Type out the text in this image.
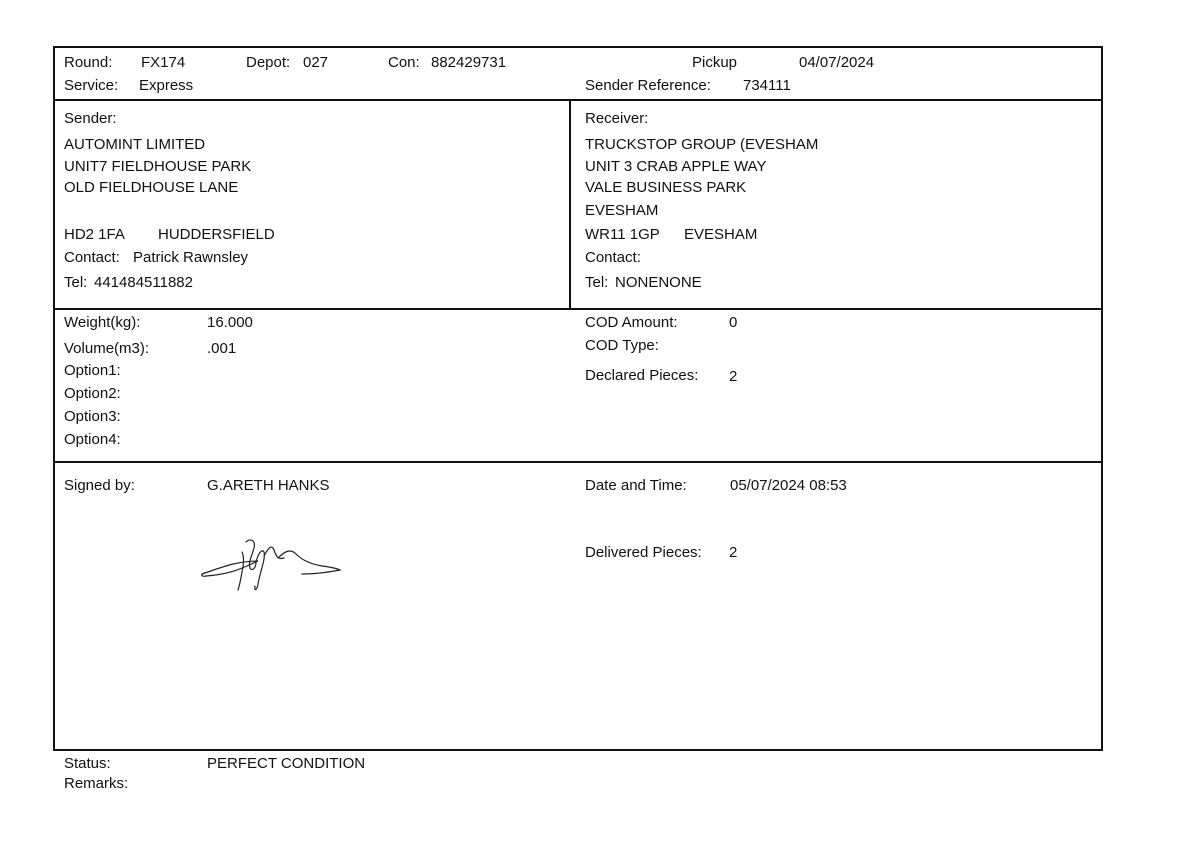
Round: FX174	Depot: 027	Con: 882429731
Service: Express
Pickup	04/07/2024
Sender Reference: 734111
Sender:
AUTOMINT LIMITED
UNIT7 FIELDHOUSE PARK
OLD FIELDHOUSE LANE
HD2 1FA HUDDERSFIELD
Contact: Patrick Rawnsley
Tel: 441484511882
Receiver:
TRUCKSTOP GROUP (EVESHAM
UNIT 3 CRAB APPLE WAY
VALE BUSINESS PARK
EVESHAM
WR11 1GP EVESHAM
Contact:
Tel: NONENONE
Weight(kg):	16.000
Volume(m3):	.001
Option1:
Option2:
Option3:
Option4:
COD Amount:	0
COD Type:
Declared Pieces: 2
Signed by:	G.ARETH HANKS	Date and Time:	05/07/2024 08:53
Delivered Pieces: 2
Status:	PERFECT CONDITION
Remarks:
